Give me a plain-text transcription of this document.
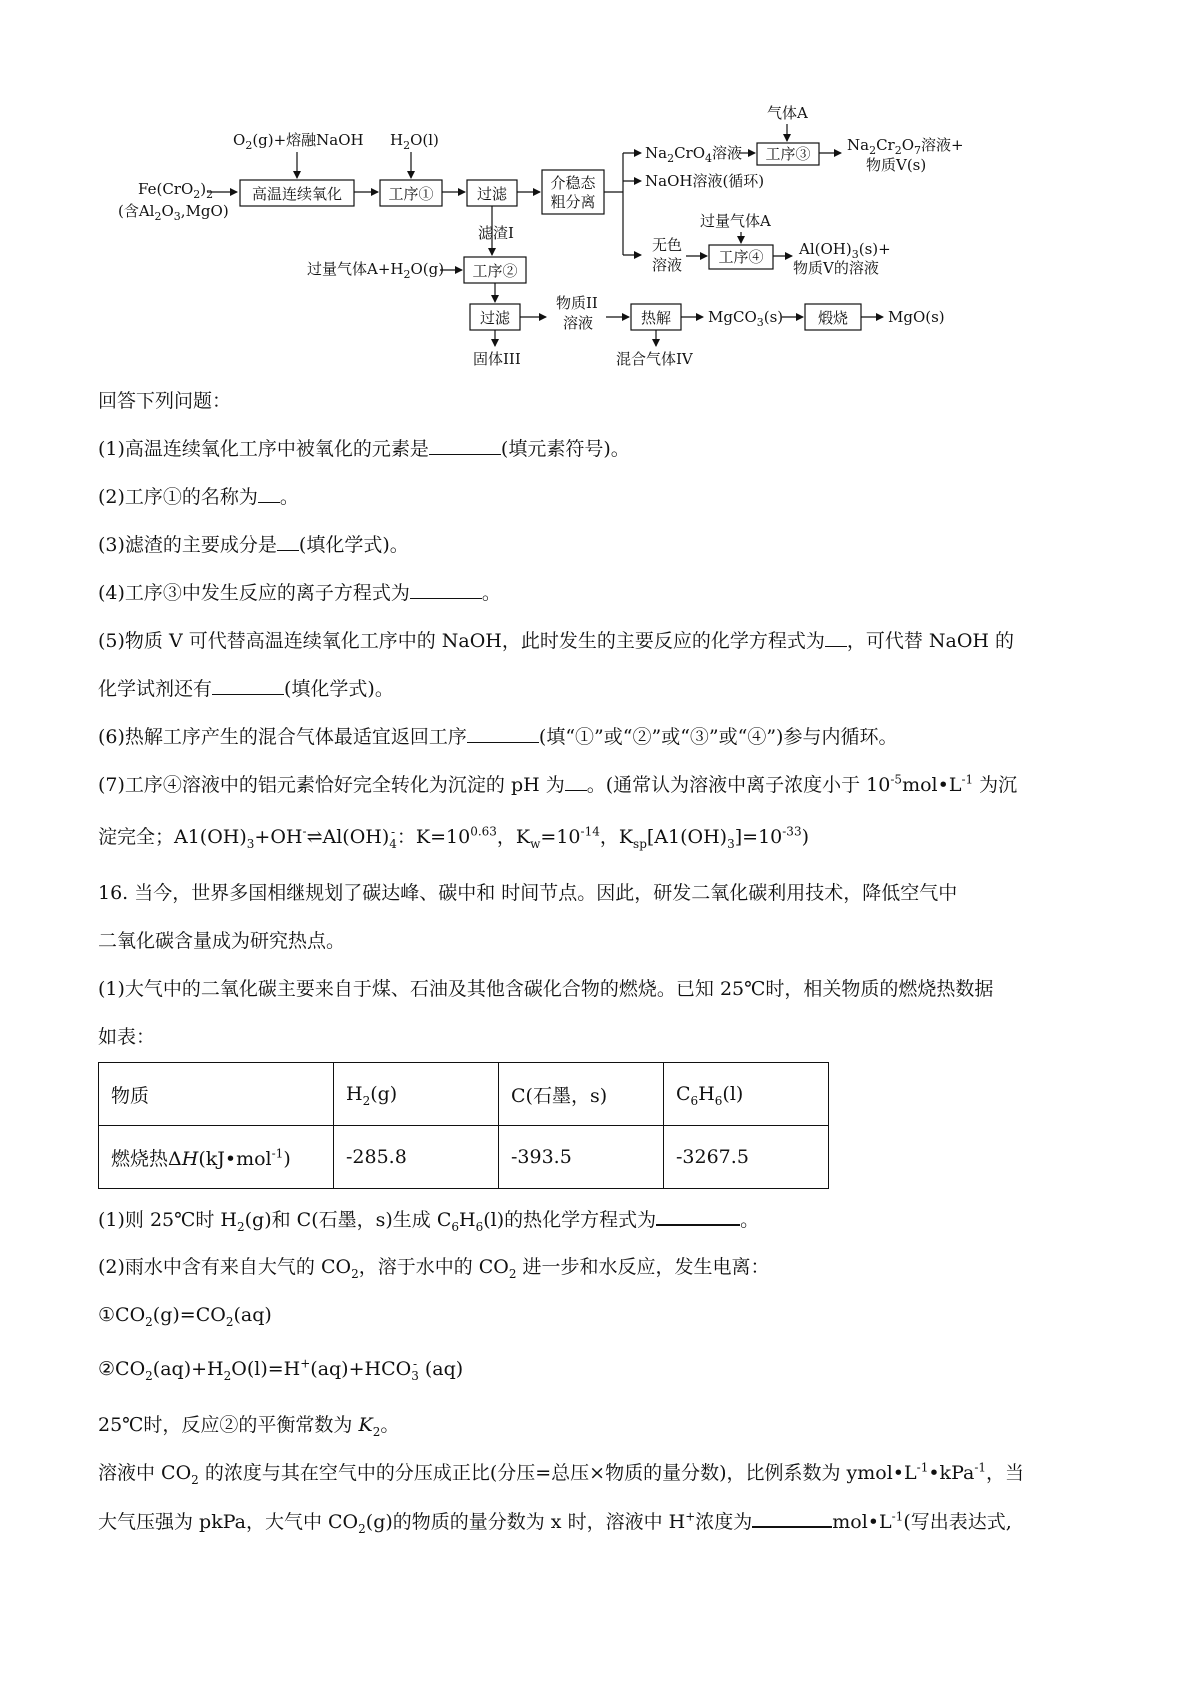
$Fe(CrO_2)_2$
(含$Al_2O_3,MgO$)
$O_2(g)+$熔融NaOH
高温连续氧化
$H_2O(l)$
工序①	过滤
介稳态
粗分离
$Na_2CrO_4$溶液
气体A
工序③ $Na_2Cr_2O_7$溶液+
物质V(s)
NaOH溶液(循环)
过量气体A
无色
溶液 工序④ $Al(OH)_3(s)+$
物质V的溶液
滤渣I
过量气体$A+H_2O(g)$ 工序②
过滤
固体III
物质II
溶液	热解
混合气体IV
MgCO$_3$(s) 煅烧	MgO(s)
回答下列问题：
(1)高温连续氧化工序中被氧化的元素是	(填元素符号)。
(2)工序①的名称为 。
(3)滤渣的主要成分是 (填化学式)。
(4)工序③中发生反应的离子方程式为	。
(5)物质 V 可代替高温连续氧化工序中的 NaOH，此时发生的主要反应的化学方程式为 ，可代替 NaOH 的
化学试剂还有	(填化学式)。
(6)热解工序产生的混合气体最适宜返回工序	(填“①”或“②”或“③”或“④”)参与内循环。
(7)工序④溶液中的铝元素恰好完全转化为沉淀的 pH 为 。(通常认为溶液中离子浓度小于 $10^{-5}mol•L^{-1}$ 为沉
淀完全；$A1(OH)_3+OH^-\rightleftharpoons Al(OH)$ -
4 ：$K=10^{0.63}$，$K_w=10^{-14}$，$K_{sp}[A1(OH)_3]=10^{-33}$)
16. 当今，世界多国相继规划了碳达峰、碳中和 时间节点。因此，研发二氧化碳利用技术，降低空气中
二氧化碳含量成为研究热点。
(1)大气中的二氧化碳主要来自于煤、石油及其他含碳化合物的燃烧。已知 25℃时，相关物质的燃烧热数据
如表：
物质	$H_2(g)$	C(石墨，s)	$C_6H_6(l)$
燃烧热ΔH(kJ•mol$^{-1}$)	-285.8	-393.5	-3267.5
(1)则 25℃时 $H_2(g)$和 C(石墨，s)生成 $C_6H_6(l)$的热化学方程式为	。
(2)雨水中含有来自大气的 $CO_2$，溶于水中的 $CO_2$ 进一步和水反应，发生电离：
$①CO_2(g)=CO_2(aq)$
$②CO_2(aq)+H_2O(l)=H^+(aq)+HCO$ -
3 (aq)
25℃时，反应②的平衡常数为 $K_2$。
溶液中 $CO_2$ 的浓度与其在空气中的分压成正比(分压=总压×物质的量分数)，比例系数为 $ymol•L^{-1}•kPa^{-1}$，当
大气压强为 pkPa，大气中 $CO_2(g)$的物质的量分数为 x 时，溶液中 H+浓度为	$mol•L^{-1}$(写出表达式,
